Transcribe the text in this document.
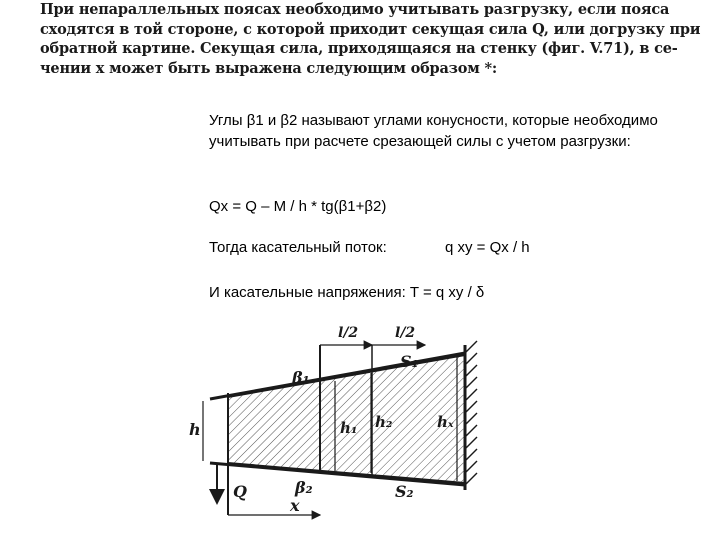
При непараллельных поясах необходимо учитывать разгрузку, если пояса
сходятся в той стороне, с которой приходит секущая сила Q, или догрузку при
обратной картине. Секущая сила, приходящаяся на стенку (фиг. V.71), в се-
чении x может быть выражена следующим образом *:

Углы β1 и β2 называют углами конусности, которые необходимо учитывать при расчете срезающей силы с учетом разгрузки:

Qx = Q – M / h * tg(β1+β2)
Тогда касательный поток:	q xy = Qx / h
И касательные напряжения: T = q xy / δ
l/2	l/2
h	h₁ h₂	hₓ
S₁
S₂
β₁
β₂
Q
x
